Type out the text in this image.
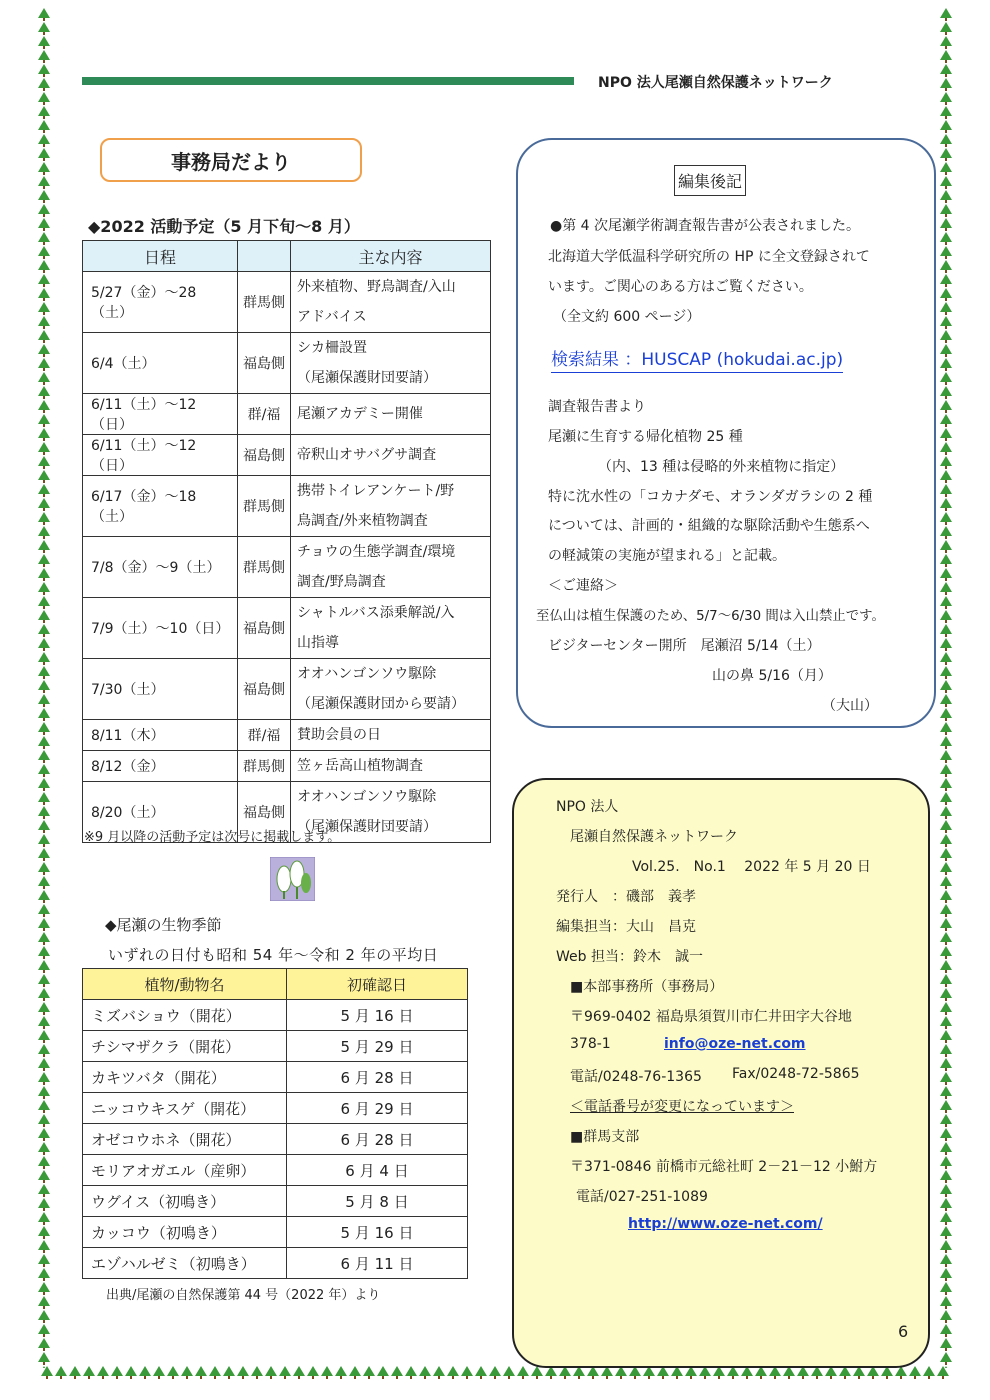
NPO 法人尾瀬自然保護ネットワーク
事務局だより
◆2022 活動予定（5 月下旬～8 月）
日程		主な内容
5/27（金）～28（土）	群馬側	外来植物、野鳥調査/入山
アドバイス

6/4（土）	福島側	シカ柵設置
（尾瀬保護財団要請）

6/11（土）～12（日）	群/福	尾瀬アカデミー開催

6/11（土）～12（日）	福島側	帝釈山オサバグサ調査

6/17（金）～18（土）	群馬側	携帯トイレアンケート/野
鳥調査/外来植物調査

7/8（金）～9（土）	群馬側	チョウの生態学調査/環境
調査/野鳥調査

7/9（土）～10（日）	福島側	シャトルバス添乗解説/入
山指導

7/30（土）	福島側	オオハンゴンソウ駆除
（尾瀬保護財団から要請）

8/11（木）	群/福	賛助会員の日

8/12（金）	群馬側	笠ヶ岳高山植物調査

8/20（土）	福島側	オオハンゴンソウ駆除
（尾瀬保護財団要請）
※9 月以降の活動予定は次号に掲載します。
◆尾瀬の生物季節
いずれの日付も昭和 54 年～令和 2 年の平均日
植物/動物名	初確認日
ミズバショウ（開花）	5 月 16 日
チシマザクラ（開花）	5 月 29 日
カキツバタ（開花）	6 月 28 日
ニッコウキスゲ（開花）	6 月 29 日
オゼコウホネ（開花）	6 月 28 日
モリアオガエル（産卵）	6 月 4 日
ウグイス（初鳴き）	5 月 8 日
カッコウ（初鳴き）	5 月 16 日
エゾハルゼミ（初鳴き）	6 月 11 日
出典/尾瀬の自然保護第 44 号（2022 年）より
編集後記
●第 4 次尾瀬学術調査報告書が公表されました。
北海道大学低温科学研究所の HP に全文登録されて
います。ご関心のある方はご覧ください。
（全文約 600 ページ）
検索結果 ：HUSCAP (hokudai.ac.jp)
調査報告書より
尾瀬に生育する帰化植物 25 種
（内、13 種は侵略的外来植物に指定）
特に沈水性の「コカナダモ、オランダガラシの 2 種
については、計画的・組織的な駆除活動や生態系へ
の軽減策の実施が望まれる」と記載。
＜ご連絡＞
至仏山は植生保護のため、5/7～6/30 間は入山禁止です。
ビジターセンター開所　尾瀬沼 5/14（土）
山の鼻 5/16（月）
（大山）
NPO 法人
尾瀬自然保護ネットワーク
Vol.25.　No.1　 2022 年 5 月 20 日
発行人　：磯部　義孝
編集担当：大山　昌克
Web 担当：鈴木　誠一
■本部事務所（事務局）
〒969-0402 福島県須賀川市仁井田字大谷地
378-1	info@oze-net.com
電話/0248-76-1365 Fax/0248-72-5865
＜電話番号が変更になっています＞
■群馬支部
〒371-0846 前橋市元総社町 2－21－12 小鮒方
電話/027-251-1089
http://www.oze-net.com/
6
